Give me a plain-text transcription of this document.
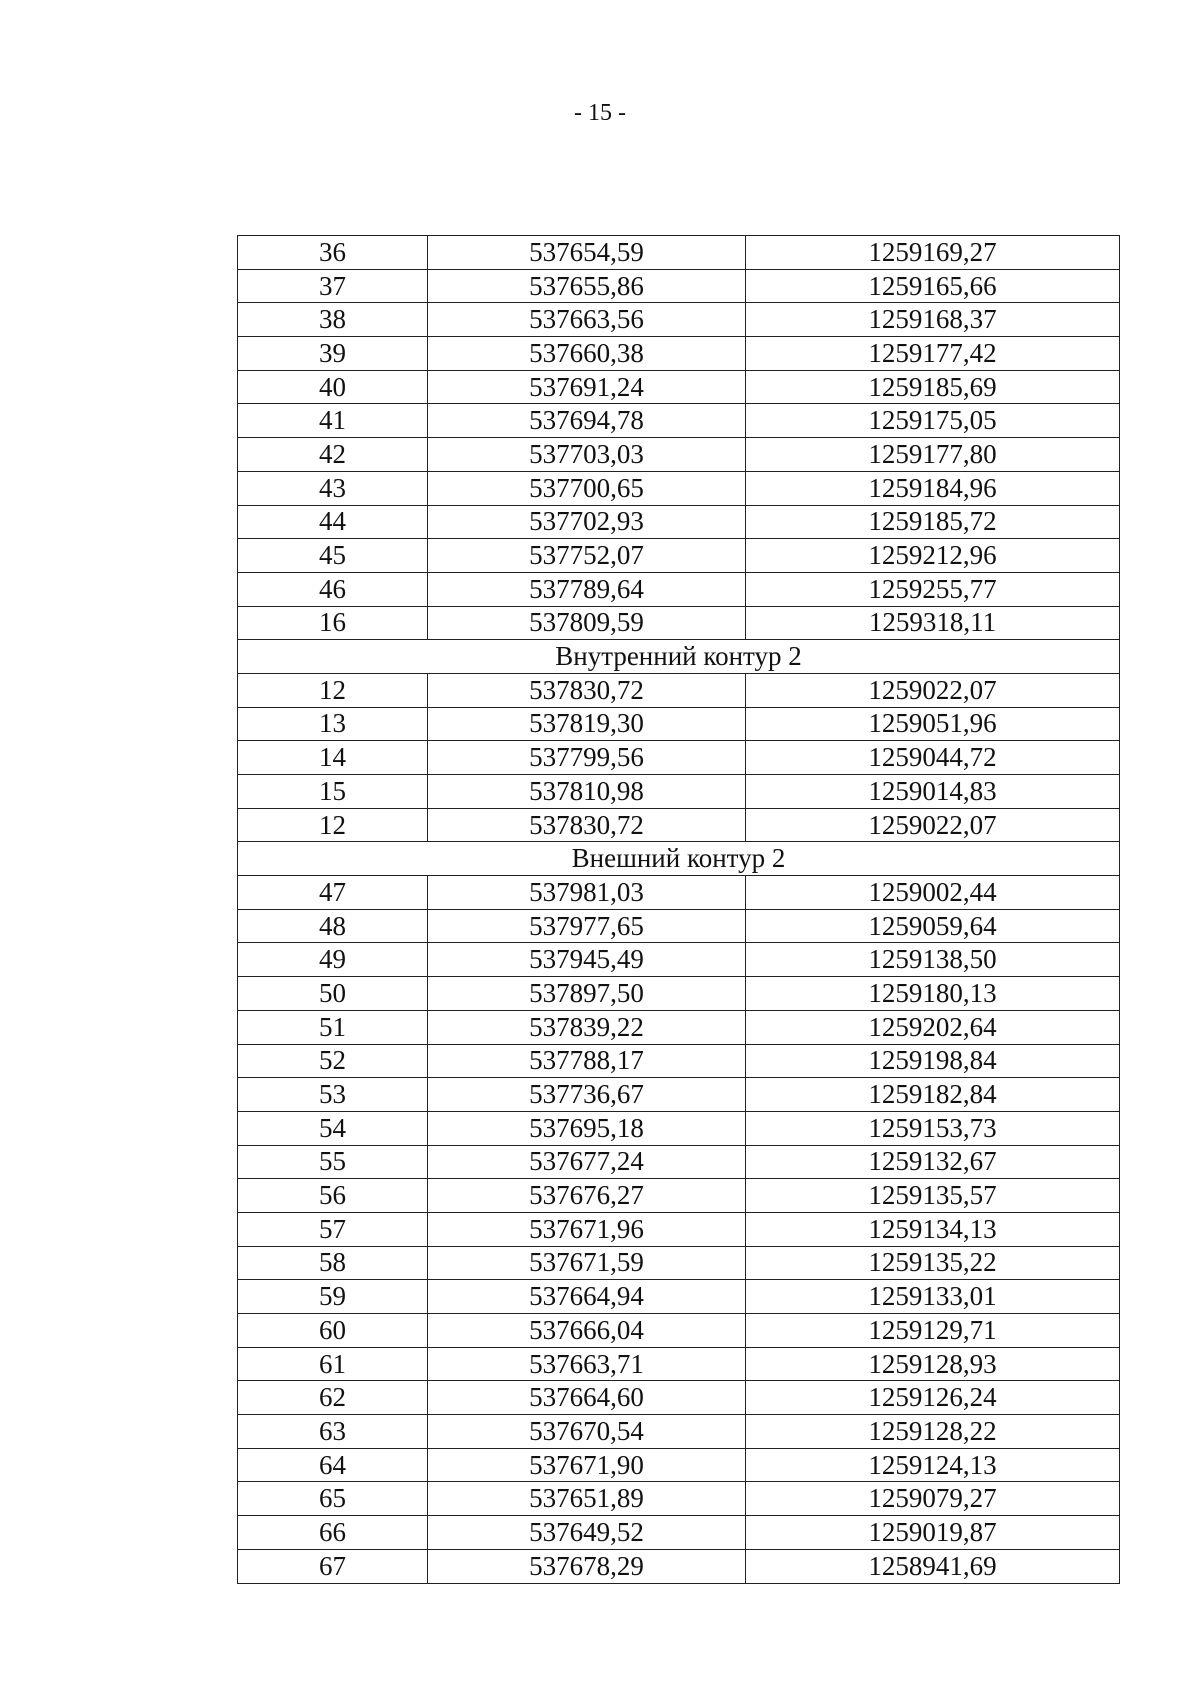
- 15 -
36	537654,59	1259169,27
37	537655,86	1259165,66
38	537663,56	1259168,37
39	537660,38	1259177,42
40	537691,24	1259185,69
41	537694,78	1259175,05
42	537703,03	1259177,80
43	537700,65	1259184,96
44	537702,93	1259185,72
45	537752,07	1259212,96
46	537789,64	1259255,77
16	537809,59	1259318,11
Внутренний контур 2		
12	537830,72	1259022,07
13	537819,30	1259051,96
14	537799,56	1259044,72
15	537810,98	1259014,83
12	537830,72	1259022,07
Внешний контур 2		
47	537981,03	1259002,44
48	537977,65	1259059,64
49	537945,49	1259138,50
50	537897,50	1259180,13
51	537839,22	1259202,64
52	537788,17	1259198,84
53	537736,67	1259182,84
54	537695,18	1259153,73
55	537677,24	1259132,67
56	537676,27	1259135,57
57	537671,96	1259134,13
58	537671,59	1259135,22
59	537664,94	1259133,01
60	537666,04	1259129,71
61	537663,71	1259128,93
62	537664,60	1259126,24
63	537670,54	1259128,22
64	537671,90	1259124,13
65	537651,89	1259079,27
66	537649,52	1259019,87
67	537678,29	1258941,69
